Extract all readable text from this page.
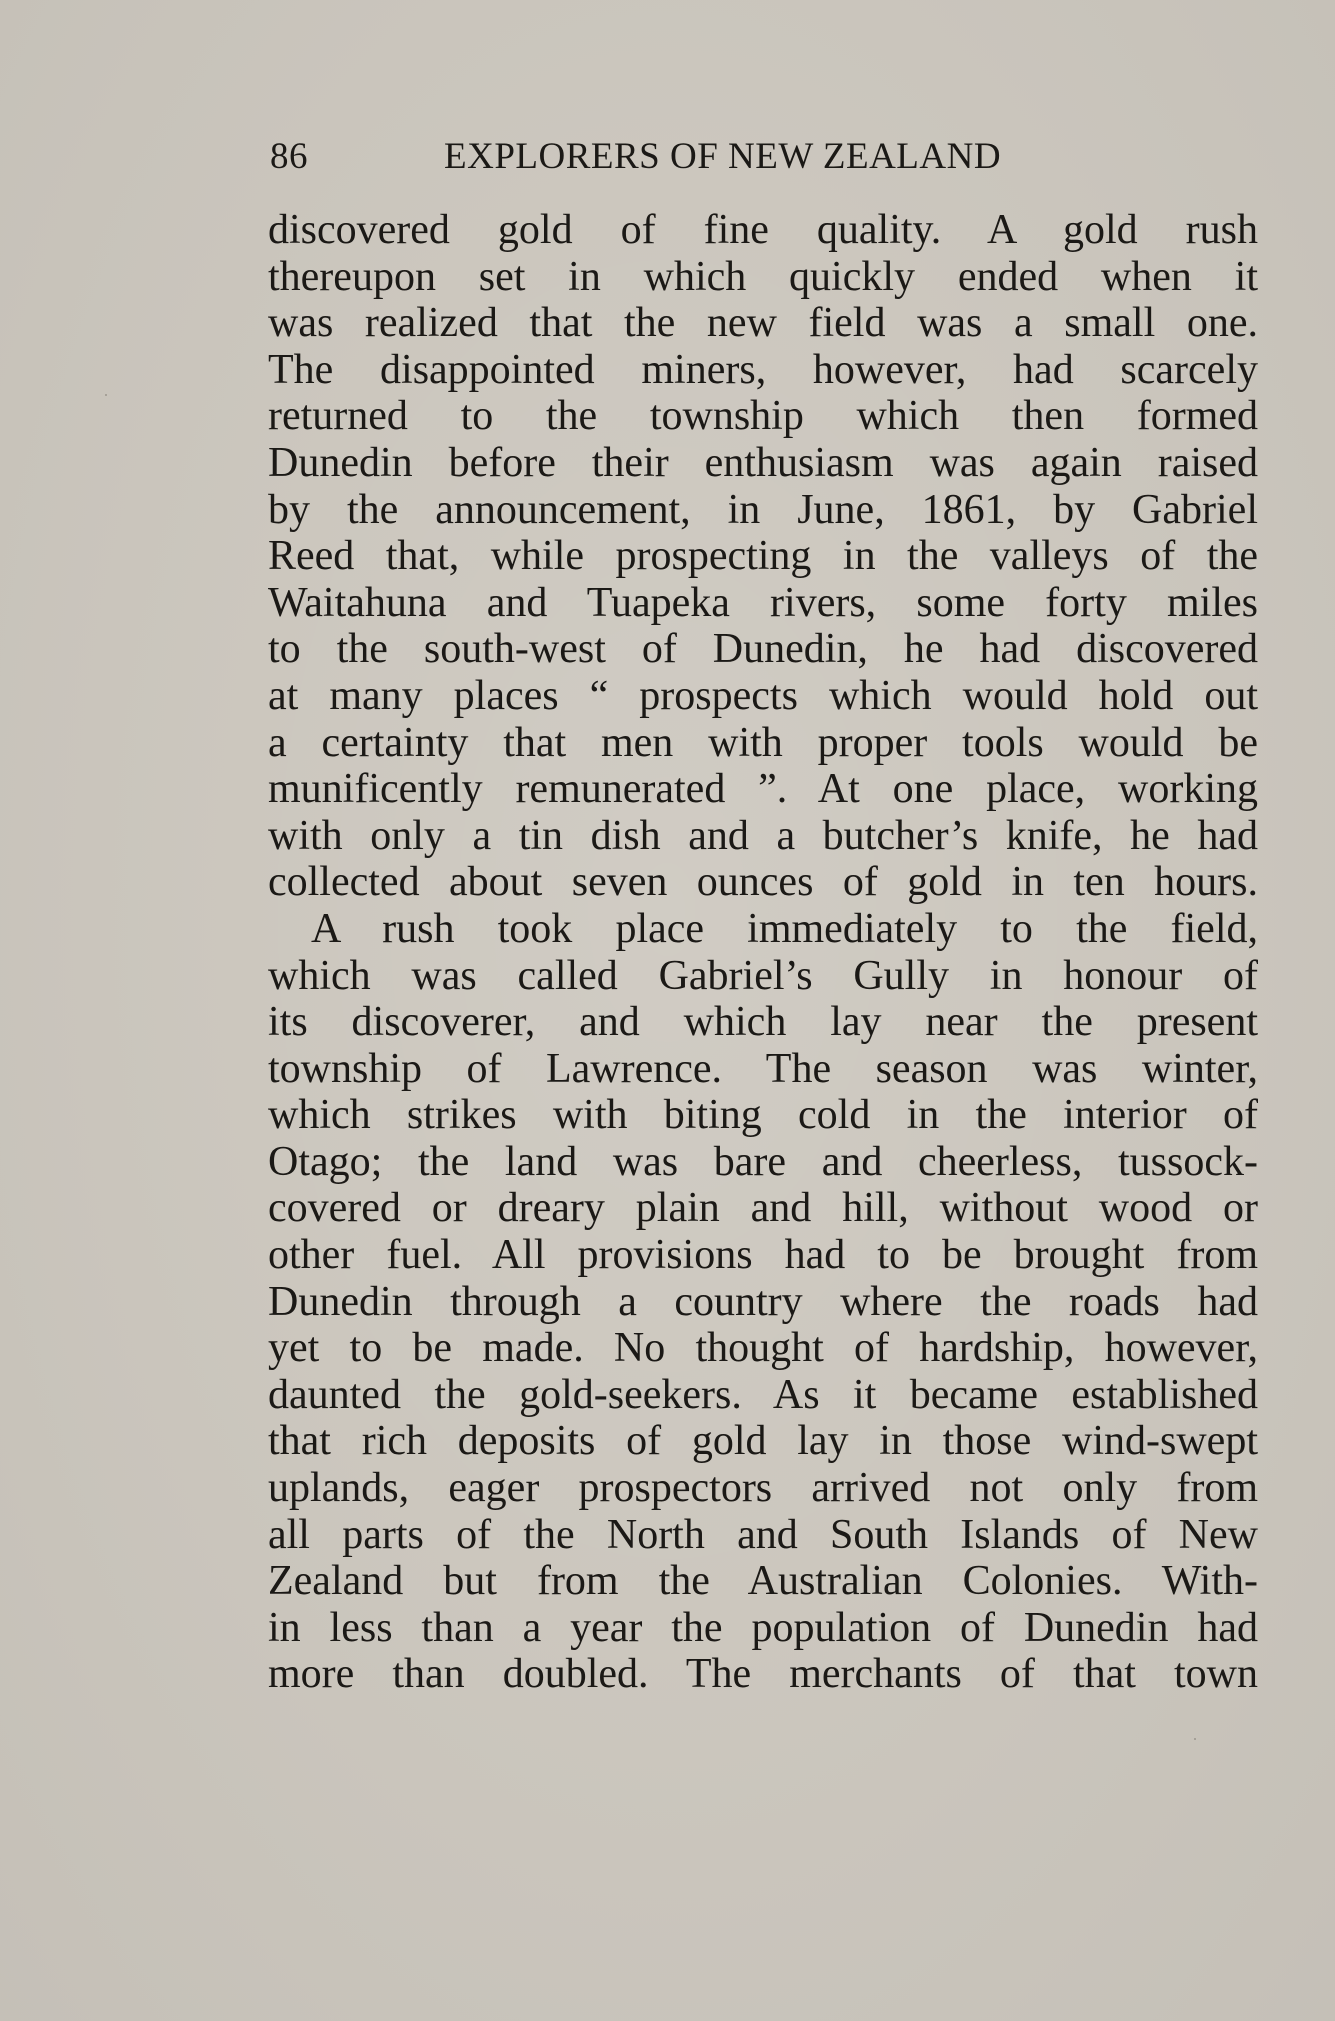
86	EXPLORERS OF NEW ZEALAND
discovered gold of fine quality. A gold rush
thereupon set in which quickly ended when it
was realized that the new field was a small one.
The disappointed miners, however, had scarcely
returned to the township which then formed
Dunedin before their enthusiasm was again raised
by the announcement, in June, 1861, by Gabriel
Reed that, while prospecting in the valleys of the
Waitahuna and Tuapeka rivers, some forty miles
to the south-west of Dunedin, he had discovered
at many places “ prospects which would hold out
a certainty that men with proper tools would be
munificently remunerated ”. At one place, working
with only a tin dish and a butcher’s knife, he had
collected about seven ounces of gold in ten hours.
A rush took place immediately to the field,
which was called Gabriel’s Gully in honour of
its discoverer, and which lay near the present
township of Lawrence. The season was winter,
which strikes with biting cold in the interior of
Otago; the land was bare and cheerless, tussock-
covered or dreary plain and hill, without wood or
other fuel. All provisions had to be brought from
Dunedin through a country where the roads had
yet to be made. No thought of hardship, however,
daunted the gold-seekers. As it became established
that rich deposits of gold lay in those wind-swept
uplands, eager prospectors arrived not only from
all parts of the North and South Islands of New
Zealand but from the Australian Colonies. With-
in less than a year the population of Dunedin had
more than doubled. The merchants of that town
